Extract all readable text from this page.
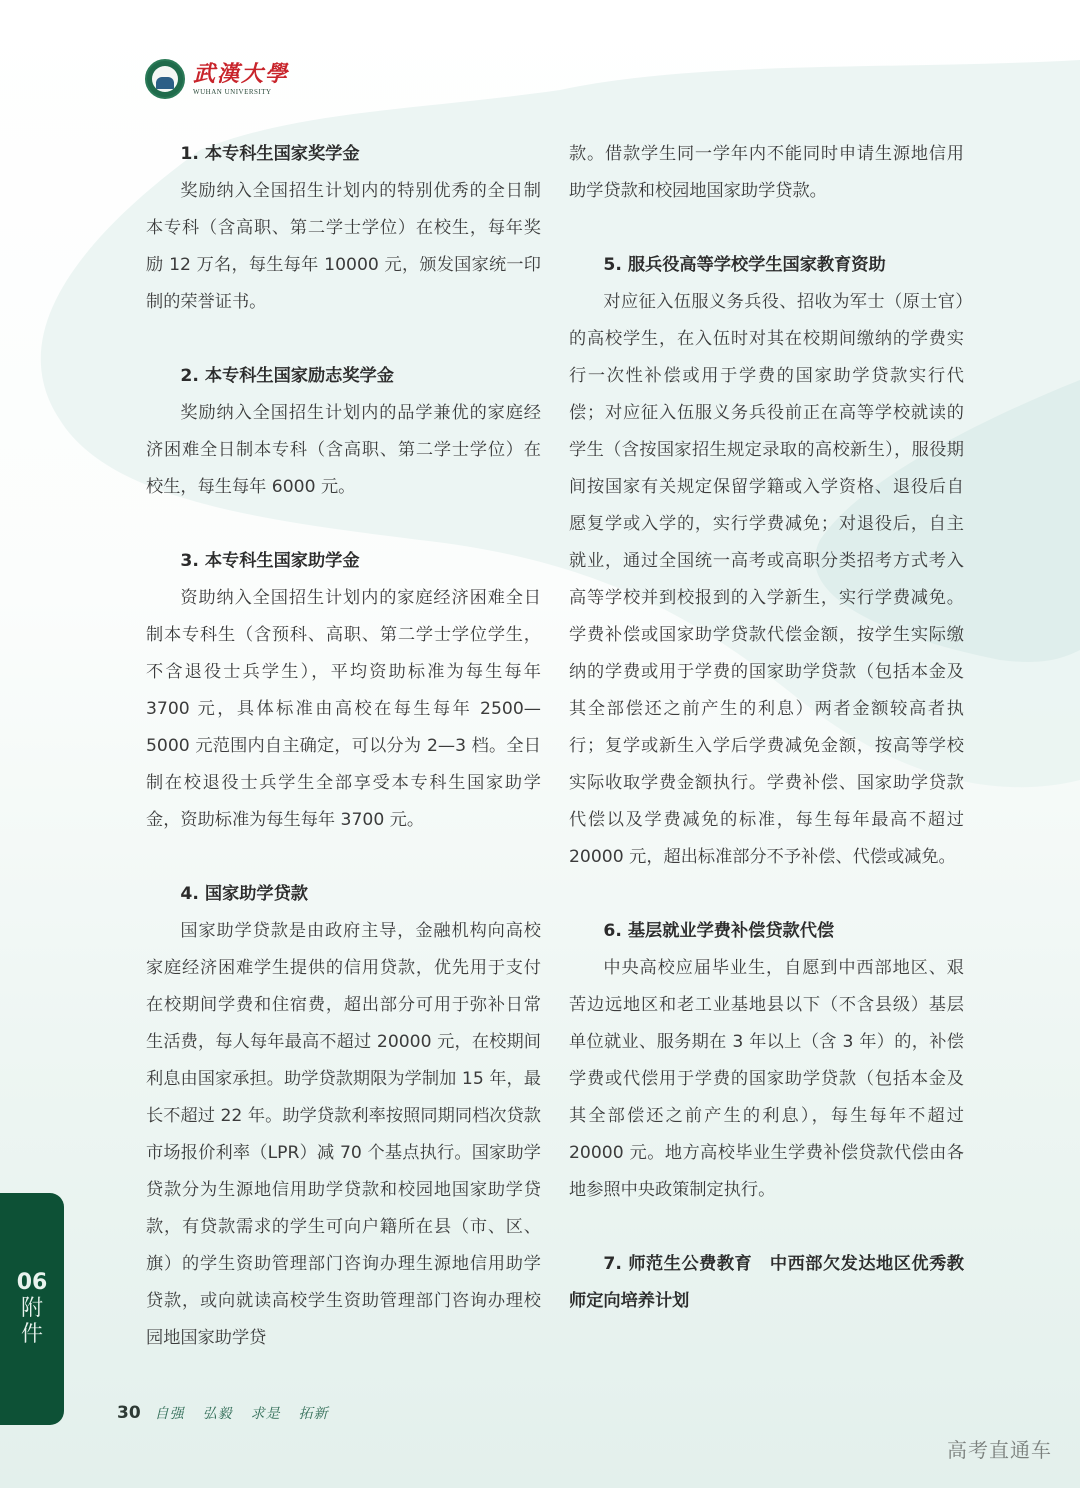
武漢大學
WUHAN UNIVERSITY

1. 本专科生国家奖学金

奖励纳入全国招生计划内的特别优秀的全日制本专科（含高职、第二学士学位）在校生，每年奖励 12 万名，每生每年 10000 元，颁发国家统一印制的荣誉证书。

2. 本专科生国家励志奖学金

奖励纳入全国招生计划内的品学兼优的家庭经济困难全日制本专科（含高职、第二学士学位）在校生，每生每年 6000 元。

3. 本专科生国家助学金

资助纳入全国招生计划内的家庭经济困难全日制本专科生（含预科、高职、第二学士学位学生，不含退役士兵学生），平均资助标准为每生每年 3700 元，具体标准由高校在每生每年 2500—5000 元范围内自主确定，可以分为 2—3 档。全日制在校退役士兵学生全部享受本专科生国家助学金，资助标准为每生每年 3700 元。

4. 国家助学贷款

国家助学贷款是由政府主导，金融机构向高校家庭经济困难学生提供的信用贷款，优先用于支付在校期间学费和住宿费，超出部分可用于弥补日常生活费，每人每年最高不超过 20000 元，在校期间利息由国家承担。助学贷款期限为学制加 15 年，最长不超过 22 年。助学贷款利率按照同期同档次贷款市场报价利率（LPR）减 70 个基点执行。国家助学贷款分为生源地信用助学贷款和校园地国家助学贷款，有贷款需求的学生可向户籍所在县（市、区、旗）的学生资助管理部门咨询办理生源地信用助学贷款，或向就读高校学生资助管理部门咨询办理校园地国家助学贷

款。借款学生同一学年内不能同时申请生源地信用助学贷款和校园地国家助学贷款。

5. 服兵役高等学校学生国家教育资助

对应征入伍服义务兵役、招收为军士（原士官）的高校学生，在入伍时对其在校期间缴纳的学费实行一次性补偿或用于学费的国家助学贷款实行代偿；对应征入伍服义务兵役前正在高等学校就读的学生（含按国家招生规定录取的高校新生），服役期间按国家有关规定保留学籍或入学资格、退役后自愿复学或入学的，实行学费减免；对退役后，自主就业，通过全国统一高考或高职分类招考方式考入高等学校并到校报到的入学新生，实行学费减免。学费补偿或国家助学贷款代偿金额，按学生实际缴纳的学费或用于学费的国家助学贷款（包括本金及其全部偿还之前产生的利息）两者金额较高者执行；复学或新生入学后学费减免金额，按高等学校实际收取学费金额执行。学费补偿、国家助学贷款代偿以及学费减免的标准，每生每年最高不超过 20000 元，超出标准部分不予补偿、代偿或减免。

6. 基层就业学费补偿贷款代偿

中央高校应届毕业生，自愿到中西部地区、艰苦边远地区和老工业基地县以下（不含县级）基层单位就业、服务期在 3 年以上（含 3 年）的，补偿学费或代偿用于学费的国家助学贷款（包括本金及其全部偿还之前产生的利息），每生每年不超过 20000 元。地方高校毕业生学费补偿贷款代偿由各地参照中央政策制定执行。

7. 师范生公费教育　中西部欠发达地区优秀教师定向培养计划

06
附
件
30 自强 弘毅 求是 拓新
高考直通车
